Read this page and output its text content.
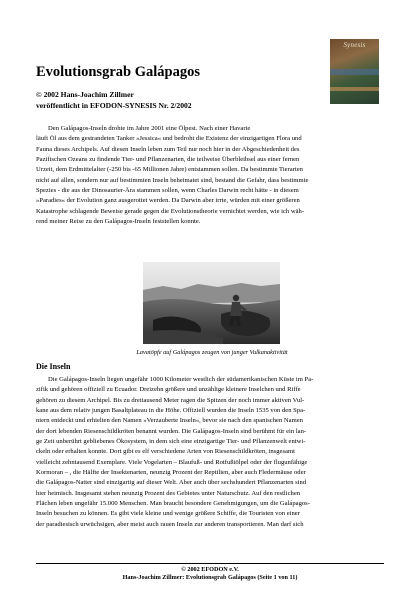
Synesis
Evolutionsgrab Galápagos
© 2002 Hans-Joachim Zillmer
veröffentlicht in EFODON-SYNESIS Nr. 2/2002
Den Galápagos-Inseln drohte im Jahre 2001 eine Ölpest. Nach einer Havarie
läuft Öl aus dem gestrandeten Tanker »Jessica« und bedroht die Existenz der einzigartigen Flora und
Fauna dieses Archipels. Auf diesen Inseln leben zum Teil nur noch hier in der Abgeschiedenheit des
Pazifischen Ozeans zu findende Tier- und Pflanzenarten, die teilweise Überbleibsel aus einer fernen
Urzeit, dem Erdmittelalter (-250 bis -65 Millionen Jahre) entstammen sollen. Da bestimmte Tierarten
nicht auf allen, sondern nur auf bestimmten Inseln beheimatet sind, bestand die Gefahr, dass bestimmte
Spezies - die aus der Dinosaurier-Ära stammen sollen, wenn Charles Darwin recht hätte - in diesem
»Paradies« der Evolution ganz ausgerottet werden. Da Darwin aber irrte, würden mit einer größeren
Katastrophe schlagende Beweise gerade gegen die Evolutionstheorie vernichtet werden, wie ich wäh-
rend meiner Reise zu den Galápagos-Inseln feststellen konnte.
Lavatöpfe auf Galápagos zeugen von junger Vulkanaktivität
Die Inseln
Die Galápagos-Inseln liegen ungefähr 1000 Kilometer westlich der südamerikanischen Küste im Pa-
zifik und gehören offiziell zu Ecuador. Dreizehn größere und unzählige kleinere Inselchen und Riffe
gehören zu diesem Archipel. Bis zu dreitausend Meter ragen die Spitzen der noch immer aktiven Vul-
kane aus dem relativ jungen Basaltplateau in die Höhe. Offiziell wurden die Inseln 1535 von den Spa-
niern entdeckt und erhielten den Namen »Verzauberte Inseln«, bevor sie nach den spanischen Namen
der dort lebenden Riesenschildkröten benannt wurden. Die Galápagos-Inseln sind berühmt für ein lan-
ge Zeit unberührt gebliebenes Ökosystem, in dem sich eine einzigartige Tier- und Pflanzenwelt entwi-
ckeln oder erhalten konnte. Dort gibt es elf verschiedene Arten von Riesenschildkröten, insgesamt
vielleicht zehntausend Exemplare. Viele Vogelarten – Blaufuß- und Rotfußtölpel oder der flugunfähige
Kormoran – , die Hälfte der Insektenarten, neunzig Prozent der Reptilien, aber auch Fledermäuse oder
die Galápagos-Natter sind einzigartig auf dieser Welt. Aber auch über sechshundert Pflanzenarten sind
hier heimisch. Insgesamt stehen neunzig Prozent des Gebietes unter Naturschutz. Auf den restlichen
Flächen leben ungefähr 15.000 Menschen. Man braucht besondere Genehmigungen, um die Galápagos-
Inseln besuchen zu können. Es gibt viele kleine und wenige größere Schiffe, die Touristen von einer
der paradiesisch urwüchsigen, aber meist auch rauen Inseln zur anderen transportieren. Man darf sich
© 2002 EFODON e.V.
Hans-Joachim Zillmer: Evolutionsgrab Galápagos (Seite 1 von 11)
